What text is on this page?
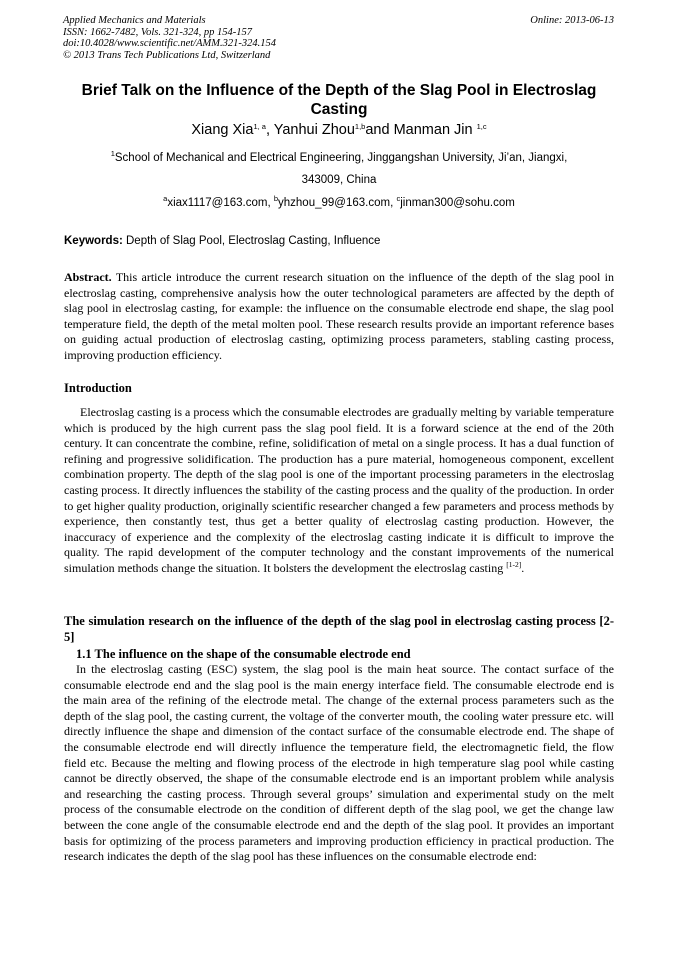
Applied Mechanics and Materials
ISSN: 1662-7482, Vols. 321-324, pp 154-157
doi:10.4028/www.scientific.net/AMM.321-324.154
© 2013 Trans Tech Publications Ltd, Switzerland
Online: 2013-06-13
Brief Talk on the Influence of the Depth of the Slag Pool in Electroslag Casting
Xiang Xia$^{1, a}$, Yanhui Zhou$^{1,b}$and Manman Jin $^{1,c}$
$^1$School of Mechanical and Electrical Engineering, Jinggangshan University, Ji’an, Jiangxi,
343009, China
$^a$xiax1117@163.com, $^b$yhzhou_99@163.com, $^c$jinman300@sohu.com
Keywords: Depth of Slag Pool, Electroslag Casting, Influence
Abstract. This article introduce the current research situation on the influence of the depth of the slag pool in electroslag casting, comprehensive analysis how the outer technological parameters are affected by the depth of slag pool in electroslag casting, for example: the influence on the consumable electrode end shape, the slag pool temperature field, the depth of the metal molten pool. These research results provide an important reference bases on guiding actual production of electroslag casting, optimizing process parameters, stabling casting process, improving production efficiency.
Introduction
Electroslag casting is a process which the consumable electrodes are gradually melting by variable temperature which is produced by the high current pass the slag pool field. It is a forward science at the end of the 20th century. It can concentrate the combine, refine, solidification of metal on a single process. It has a dual function of refining and progressive solidification. The production has a pure material, homogeneous component, excellent combination property. The depth of the slag pool is one of the important processing parameters in the electroslag casting process. It directly influences the stability of the casting process and the quality of the production. In order to get higher quality production, originally scientific researcher changed a few parameters and process methods by experience, then constantly test, thus get a better quality of electroslag casting production. However, the inaccuracy of experience and the complexity of the electroslag casting indicate it is difficult to improve the quality. The rapid development of the computer technology and the constant improvements of the numerical simulation methods change the situation. It bolsters the development the electroslag casting [1-2].
The simulation research on the influence of the depth of the slag pool in electroslag casting process [2-5]
1.1 The influence on the shape of the consumable electrode end
In the electroslag casting (ESC) system, the slag pool is the main heat source. The contact surface of the consumable electrode end and the slag pool is the main energy interface field. The consumable electrode end is the main area of the refining of the electrode metal. The change of the external process parameters such as the depth of the slag pool, the casting current, the voltage of the converter mouth, the cooling water pressure etc. will directly influence the shape and dimension of the contact surface of the consumable electrode end. The shape of the consumable electrode end will directly influence the temperature field, the electromagnetic field, the flow field etc. Because the melting and flowing process of the electrode in high temperature slag pool while casting cannot be directly observed, the shape of the consumable electrode end is an important problem while analysis and researching the casting process. Through several groups’ simulation and experimental study on the melt process of the consumable electrode on the condition of different depth of the slag pool, we get the change law between the cone angle of the consumable electrode end and the depth of the slag pool. It provides an important basis for optimizing of the process parameters and improving production efficiency in practical production. The research indicates the depth of the slag pool has these influences on the consumable electrode end:
